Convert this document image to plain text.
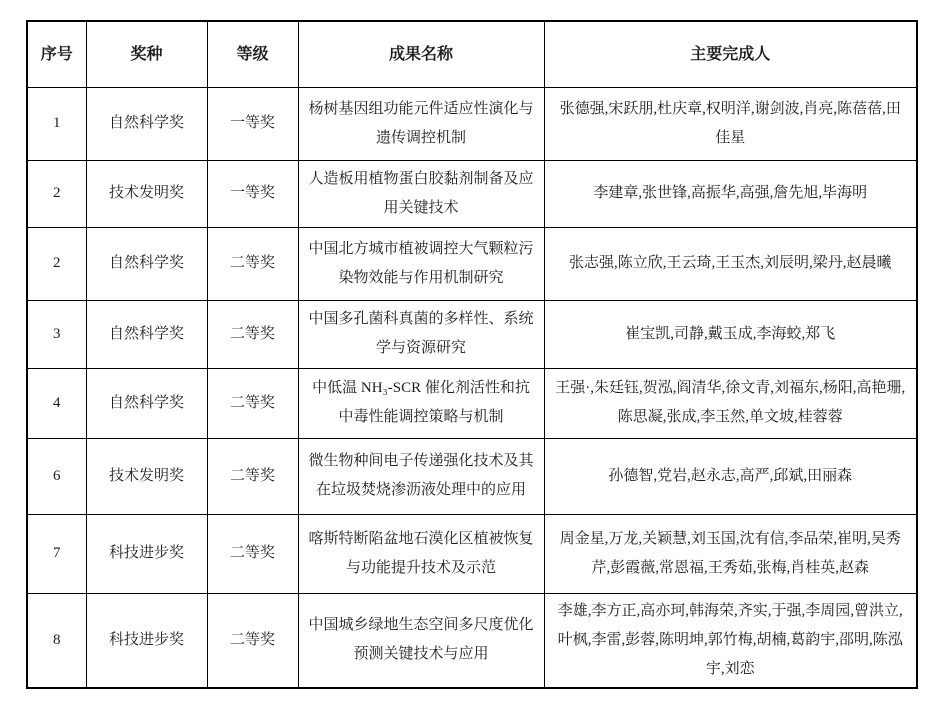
序号	奖种	等级	成果名称	主要完成人
1	自然科学奖	一等奖	杨树基因组功能元件适应性演化与遗传调控机制	张德强,宋跃朋,杜庆章,权明洋,谢剑波,肖亮,陈蓓蓓,田佳星
2	技术发明奖	一等奖	人造板用植物蛋白胶黏剂制备及应用关键技术	李建章,张世锋,高振华,高强,詹先旭,毕海明
2	自然科学奖	二等奖	中国北方城市植被调控大气颗粒污染物效能与作用机制研究	张志强,陈立欣,王云琦,王玉杰,刘辰明,梁丹,赵晨曦
3	自然科学奖	二等奖	中国多孔菌科真菌的多样性、系统学与资源研究	崔宝凯,司静,戴玉成,李海蛟,郑飞
4	自然科学奖	二等奖	中低温 NH₃-SCR 催化剂活性和抗中毒性能调控策略与机制	王强·,朱廷钰,贺泓,阎清华,徐文青,刘福东,杨阳,高艳珊,陈思凝,张成,李玉然,单文坡,桂蓉蓉
6	技术发明奖	二等奖	微生物种间电子传递强化技术及其在垃圾焚烧渗沥液处理中的应用	孙德智,党岩,赵永志,高严,邱斌,田丽森
7	科技进步奖	二等奖	喀斯特断陷盆地石漠化区植被恢复与功能提升技术及示范	周金星,万龙,关颖慧,刘玉国,沈有信,李品荣,崔明,吴秀芹,彭霞薇,常恩福,王秀茹,张梅,肖桂英,赵森
8	科技进步奖	二等奖	中国城乡绿地生态空间多尺度优化预测关键技术与应用	李雄,李方正,高亦珂,韩海荣,齐实,于强,李周园,曾洪立,叶枫,李雷,彭蓉,陈明坤,郭竹梅,胡楠,葛韵宇,邵明,陈泓宇,刘恋
